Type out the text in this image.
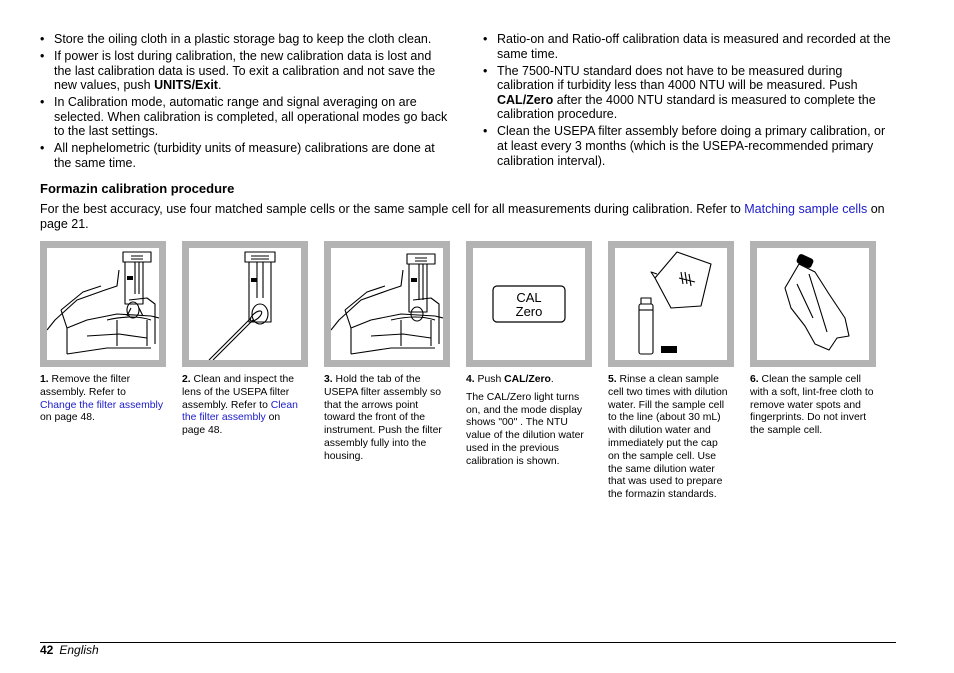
• Store the oiling cloth in a plastic storage bag to keep the cloth clean.
• If power is lost during calibration, the new calibration data is lost and the last calibration data is used. To exit a calibration and not save the new values, push UNITS/Exit.
• In Calibration mode, automatic range and signal averaging on are selected. When calibration is completed, all operational modes go back to the last settings.
• All nephelometric (turbidity units of measure) calibrations are done at the same time.
• Ratio-on and Ratio-off calibration data is measured and recorded at the same time.
• The 7500-NTU standard does not have to be measured during calibration if turbidity less than 4000 NTU will be measured. Push CAL/Zero after the 4000 NTU standard is measured to complete the calibration procedure.
• Clean the USEPA filter assembly before doing a primary calibration, or at least every 3 months (which is the USEPA-recommended primary calibration interval).
Formazin calibration procedure

For the best accuracy, use four matched sample cells or the same sample cell for all measurements during calibration. Refer to Matching sample cells on page 21.

CAL
Zero

1. Remove the filter assembly. Refer to Change the filter assembly on page 48.

2. Clean and inspect the lens of the USEPA filter assembly. Refer to Clean the filter assembly on page 48.

3. Hold the tab of the USEPA filter assembly so that the arrows point toward the front of the instrument. Push the filter assembly fully into the housing.

4. Push CAL/Zero.

The CAL/Zero light turns on, and the mode display shows "00" . The NTU value of the dilution water used in the previous calibration is shown.

5. Rinse a clean sample cell two times with dilution water. Fill the sample cell to the line (about 30 mL) with dilution water and immediately put the cap on the sample cell. Use the same dilution water that was used to prepare the formazin standards.

6. Clean the sample cell with a soft, lint-free cloth to remove water spots and fingerprints. Do not invert the sample cell.

42 English
